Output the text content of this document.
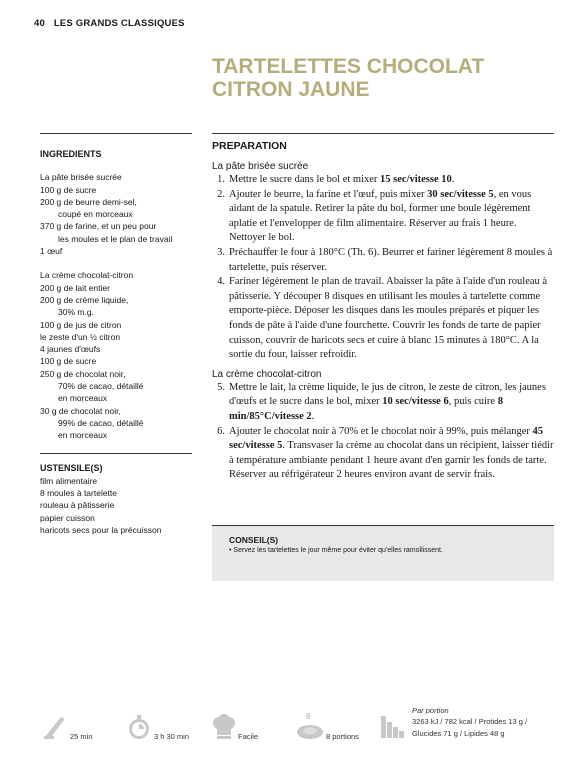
40 LES GRANDS CLASSIQUES
TARTELETTES CHOCOLAT
CITRON JAUNE
INGREDIENTS
La pâte brisée sucrée
100 g de sucre
200 g de beurre demi-sel,
coupé en morceaux
370 g de farine, et un peu pour
les moules et le plan de travail
1 œuf
La crème chocolat-citron
200 g de lait entier
200 g de crème liquide,
30% m.g.
100 g de jus de citron
le zeste d'un ½ citron
4 jaunes d'œufs
100 g de sucre
250 g de chocolat noir,
70% de cacao, détaillé
en morceaux
30 g de chocolat noir,
99% de cacao, détaillé
en morceaux
USTENSILE(S)
film alimentaire
8 moules à tartelette
rouleau à pâtisserie
papier cuisson
haricots secs pour la précuisson
PREPARATION
La pâte brisée sucrée
1. Mettre le sucre dans le bol et mixer 15 sec/vitesse 10.
2. Ajouter le beurre, la farine et l'œuf, puis mixer 30 sec/vitesse 5, en vous aidant de la spatule. Retirer la pâte du bol, former une boule légèrement aplatie et l'envelopper de film alimentaire. Réserver au frais 1 heure. Nettoyer le bol.
3. Préchauffer le four à 180°C (Th. 6). Beurrer et fariner légèrement 8 moules à tartelette, puis réserver.
4. Fariner légèrement le plan de travail. Abaisser la pâte à l'aide d'un rouleau à pâtisserie. Y découper 8 disques en utilisant les moules à tartelette comme emporte-pièce. Déposer les disques dans les moules préparés et piquer les fonds de pâte à l'aide d'une fourchette. Couvrir les fonds de tarte de papier cuisson, couvrir de haricots secs et cuire à blanc 15 minutes à 180°C. A la sortie du four, laisser refroidir.
La crème chocolat-citron
5. Mettre le lait, la crème liquide, le jus de citron, le zeste de citron, les jaunes d'œufs et le sucre dans le bol, mixer 10 sec/vitesse 6, puis cuire 8 min/85°C/vitesse 2.
6. Ajouter le chocolat noir à 70% et le chocolat noir à 99%, puis mélanger 45 sec/vitesse 5. Transvaser la crème au chocolat dans un récipient, laisser tiédir à température ambiante pendant 1 heure avant d'en garnir les fonds de tarte. Réserver au réfrigérateur 2 heures environ avant de servir frais.
CONSEIL(S)
• Servez les tartelettes le jour même pour éviter qu'elles ramollissent.
25 min	3 h 30 min	Facile
8
8 portions
Par portion
3263 kJ / 782 kcal / Protides 13 g /
Glucides 71 g / Lipides 48 g
